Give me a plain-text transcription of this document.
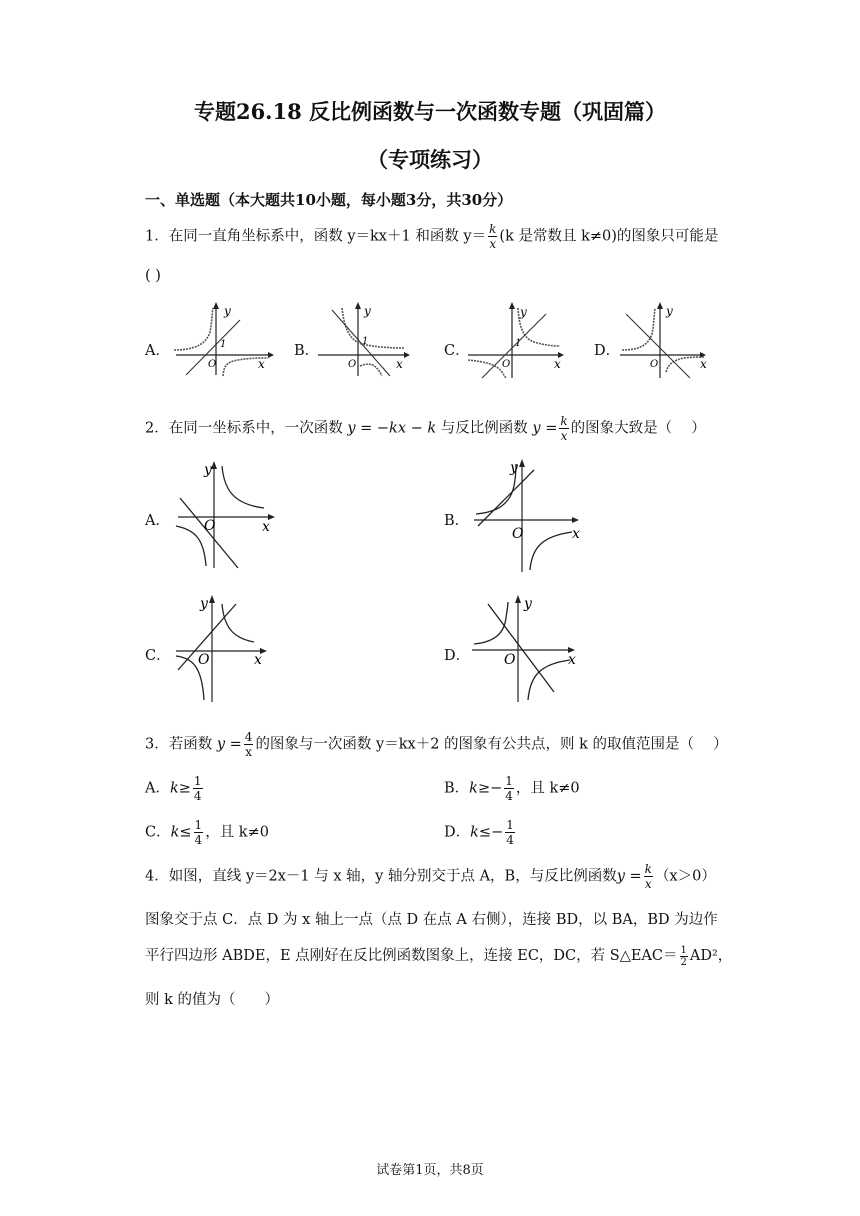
专题26.18 反比例函数与一次函数专题（巩固篇）
（专项练习）
一、单选题（本大题共10小题，每小题3分，共30分）
1．在同一直角坐标系中，函数 y＝kx＋1 和函数 $y= \frac{k}{x} (k$ 是常数且 k≠0)的图象只可能是
( )
A．
y
x
O
1	B．
y
x
O
1
C．
y
x
O
1	D．
y
x
O
2．在同一坐标系中，一次函数 y = −kx − k 与反比例函数 $y = \frac{k}{x}$ 的图象大致是（　 ）
A．
y
x
O	B．
y
x
O
C．
y
x
O	D．
y
x
O
3．若函数 $y = \frac{4}{x}$ 的图象与一次函数 y＝kx＋2 的图象有公共点，则 k 的取值范围是（　 ）
A．$k\ge \frac{1}{4}$	B．$k\ge- \frac{1}{4}$ ，且 k≠0
C．$k\le \frac{1}{4}$ ，且 k≠0	D．$k\le- \frac{1}{4}$
4．如图，直线 y＝2x－1 与 x 轴，y 轴分别交于点 A，B，与反比例函数$y = \frac{k}{x} (x>0)$
图象交于点 C．点 D 为 x 轴上一点（点 D 在点 A 右侧），连接 BD，以 BA，BD 为边作
平行四边形 ABDE，E 点刚好在反比例函数图象上，连接 EC，DC，若 S△EAC＝ $\frac{1}{2} AD^2$，
则 k 的值为（　　）
试卷第1页，共8页
